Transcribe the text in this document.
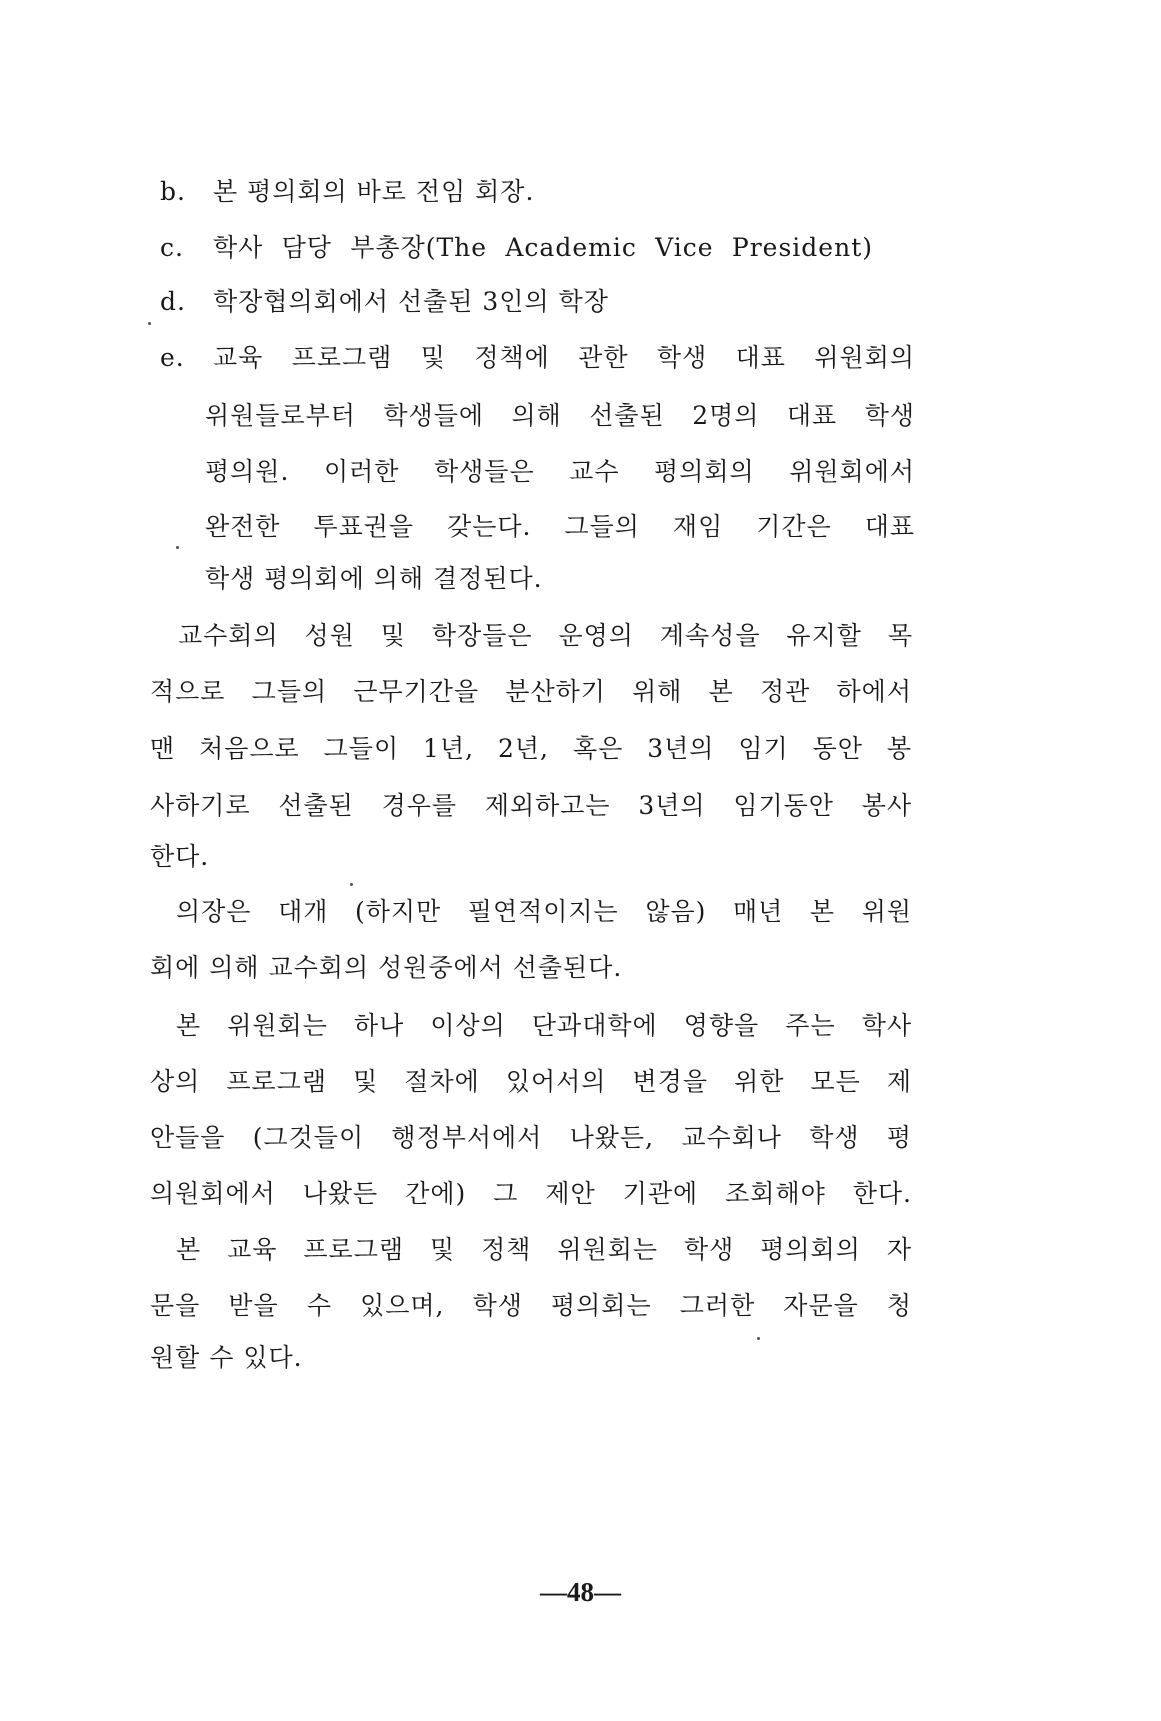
b.	본 평의회의 바로 전임 회장.
c.	학사 담당 부총장(The Academic Vice President)
d.	학장협의회에서 선출된 3인의 학장
e.	교육 프로그램 및 정책에 관한 학생 대표 위원회의
위원들로부터 학생들에 의해 선출된 2명의 대표 학생
평의원. 이러한 학생들은 교수 평의회의 위원회에서
완전한 투표권을 갖는다. 그들의 재임 기간은 대표
학생 평의회에 의해 결정된다.
교수회의 성원 및 학장들은 운영의 계속성을 유지할 목
적으로 그들의 근무기간을 분산하기 위해 본 정관 하에서
맨 처음으로 그들이 1년, 2년, 혹은 3년의 임기 동안 봉
사하기로 선출된 경우를 제외하고는 3년의 임기동안 봉사
한다.
의장은 대개 (하지만 필연적이지는 않음) 매년 본 위원
회에 의해 교수회의 성원중에서 선출된다.
본 위원회는 하나 이상의 단과대학에 영향을 주는 학사
상의 프로그램 및 절차에 있어서의 변경을 위한 모든 제
안들을 (그것들이 행정부서에서 나왔든, 교수회나 학생 평
의원회에서 나왔든 간에) 그 제안 기관에 조회해야 한다.
본 교육 프로그램 및 정책 위원회는 학생 평의회의 자
문을 받을 수 있으며, 학생 평의회는 그러한 자문을 청
원할 수 있다.
—48—
